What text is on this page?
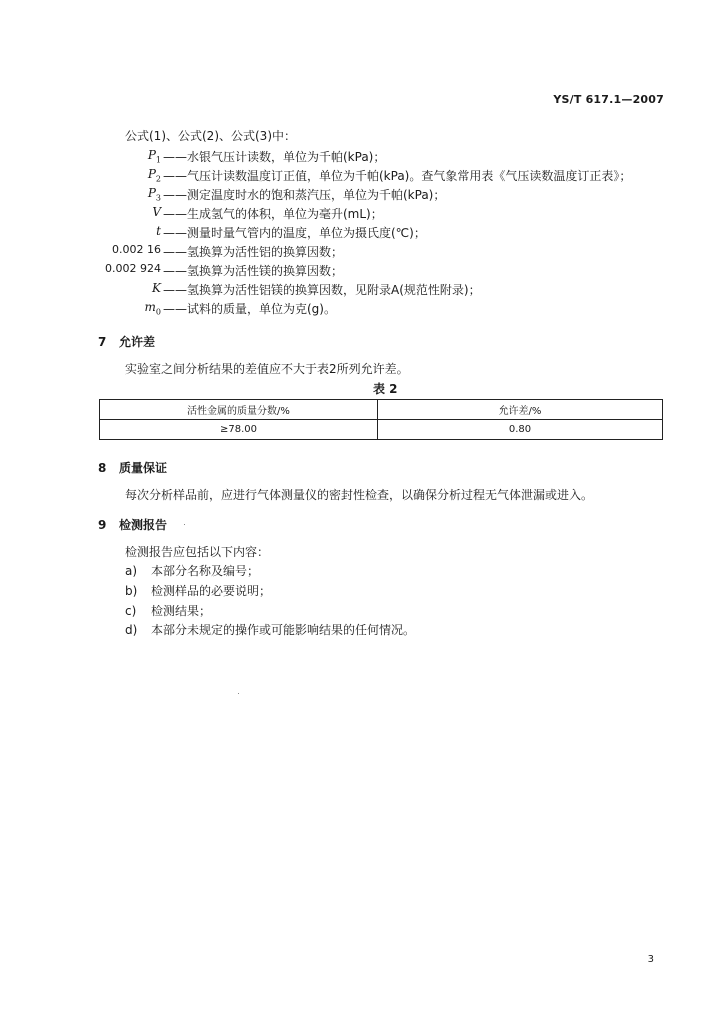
YS/T 617.1—2007
公式(1)、公式(2)、公式(3)中：
$P_1$ ——水银气压计读数，单位为千帕(kPa)；
$P_2$ ——气压计读数温度订正值，单位为千帕(kPa)。查气象常用表《气压读数温度订正表》；
$P_3$ ——测定温度时水的饱和蒸汽压，单位为千帕(kPa)；
V ——生成氢气的体积，单位为毫升(mL)；
t ——测量时量气管内的温度，单位为摄氏度(℃)；
0.002 16 ——氢换算为活性铝的换算因数；
0.002 924 ——氢换算为活性镁的换算因数；
K ——氢换算为活性铝镁的换算因数，见附录A(规范性附录)；
$m_0$ ——试料的质量，单位为克(g)。
7 允许差
实验室之间分析结果的差值应不大于表2所列允许差。
表 2
活性金属的质量分数/%	允许差/%
≥78.00	0.80
8 质量保证
每次分析样品前，应进行气体测量仪的密封性检查，以确保分析过程无气体泄漏或进入。
9 检测报告
检测报告应包括以下内容：
a) 本部分名称及编号；
b) 检测样品的必要说明；
c) 检测结果；
d) 本部分未规定的操作或可能影响结果的任何情况。
3
